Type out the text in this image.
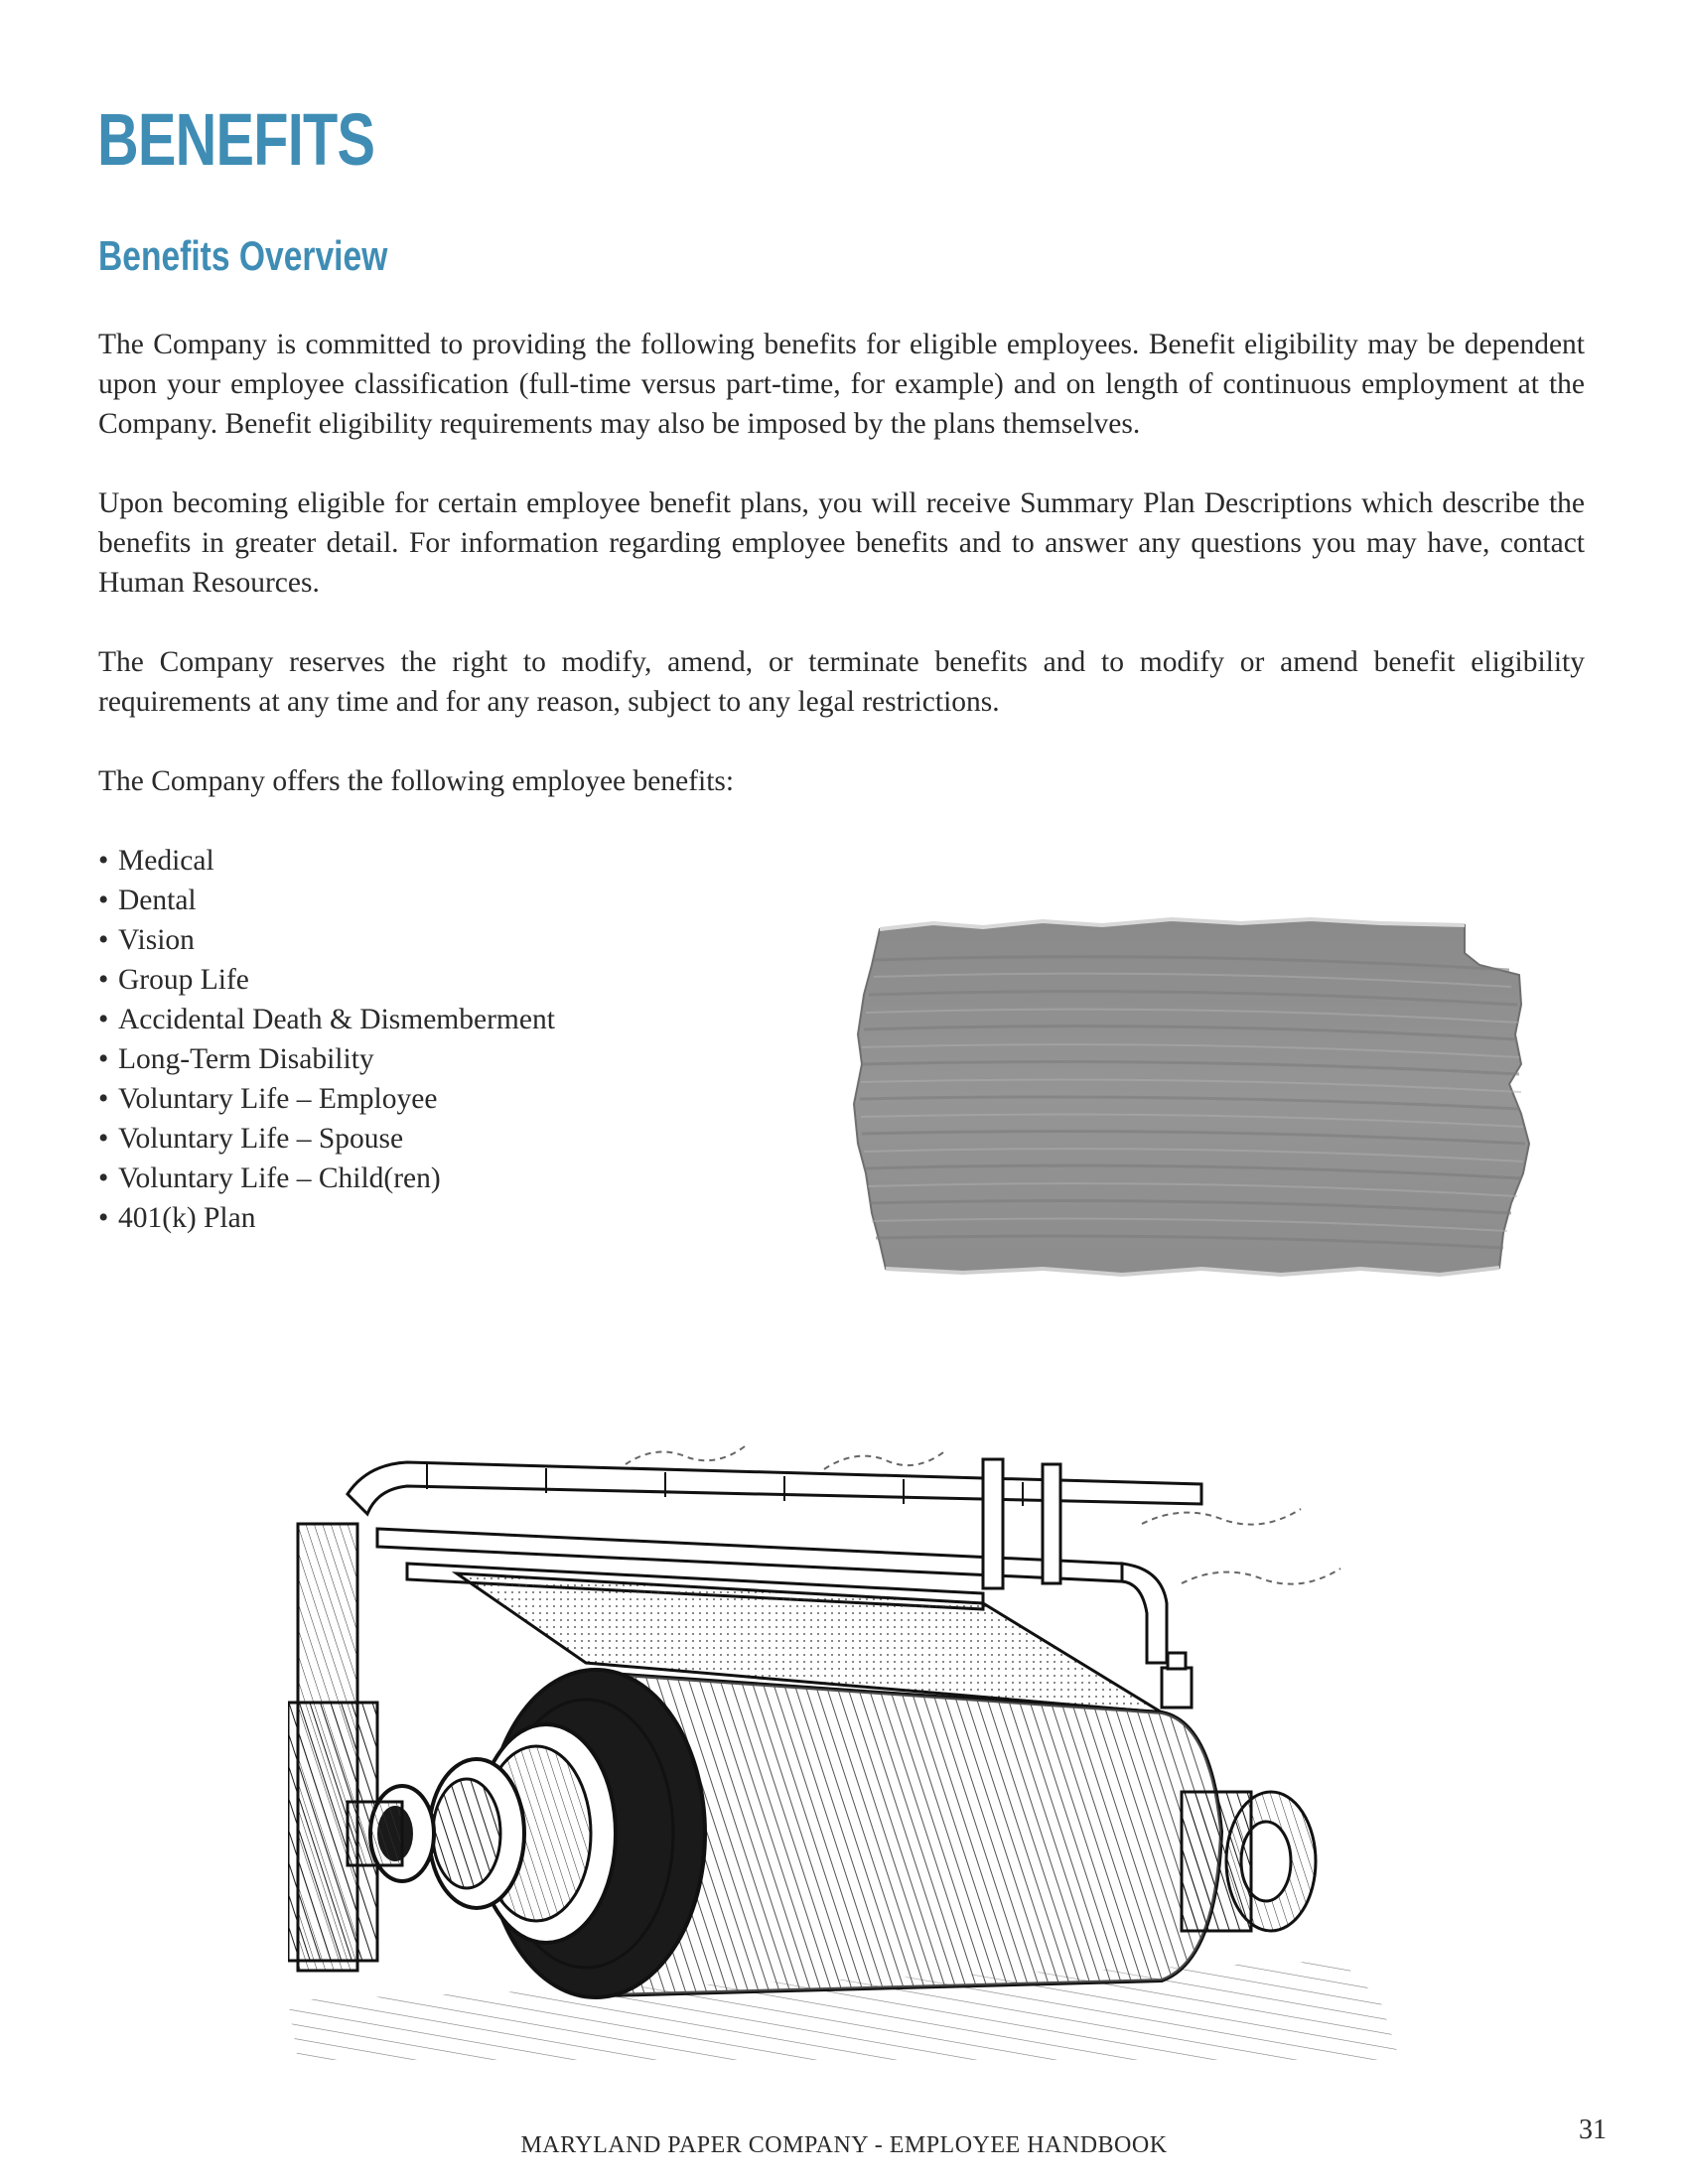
BENEFITS
Benefits Overview

The Company is committed to providing the following benefits for eligible employees. Benefit eligibility may be dependent upon your employee classification (full-time versus part-time, for example) and on length of continuous employment at the Company. Benefit eligibility requirements may also be imposed by the plans themselves.

Upon becoming eligible for certain employee benefit plans, you will receive Summary Plan Descriptions which describe the benefits in greater detail. For information regarding employee benefits and to answer any questions you may have, contact Human Resources.

The Company reserves the right to modify, amend, or terminate benefits and to modify or amend benefit eligibility requirements at any time and for any reason, subject to any legal restrictions.

The Company offers the following employee benefits:

• Medical
• Dental
• Vision
• Group Life
• Accidental Death & Dismemberment
• Long-Term Disability
• Voluntary Life – Employee
• Voluntary Life – Spouse
• Voluntary Life – Child(ren)
• 401(k) Plan
MARYLAND PAPER COMPANY - EMPLOYEE HANDBOOK	31
